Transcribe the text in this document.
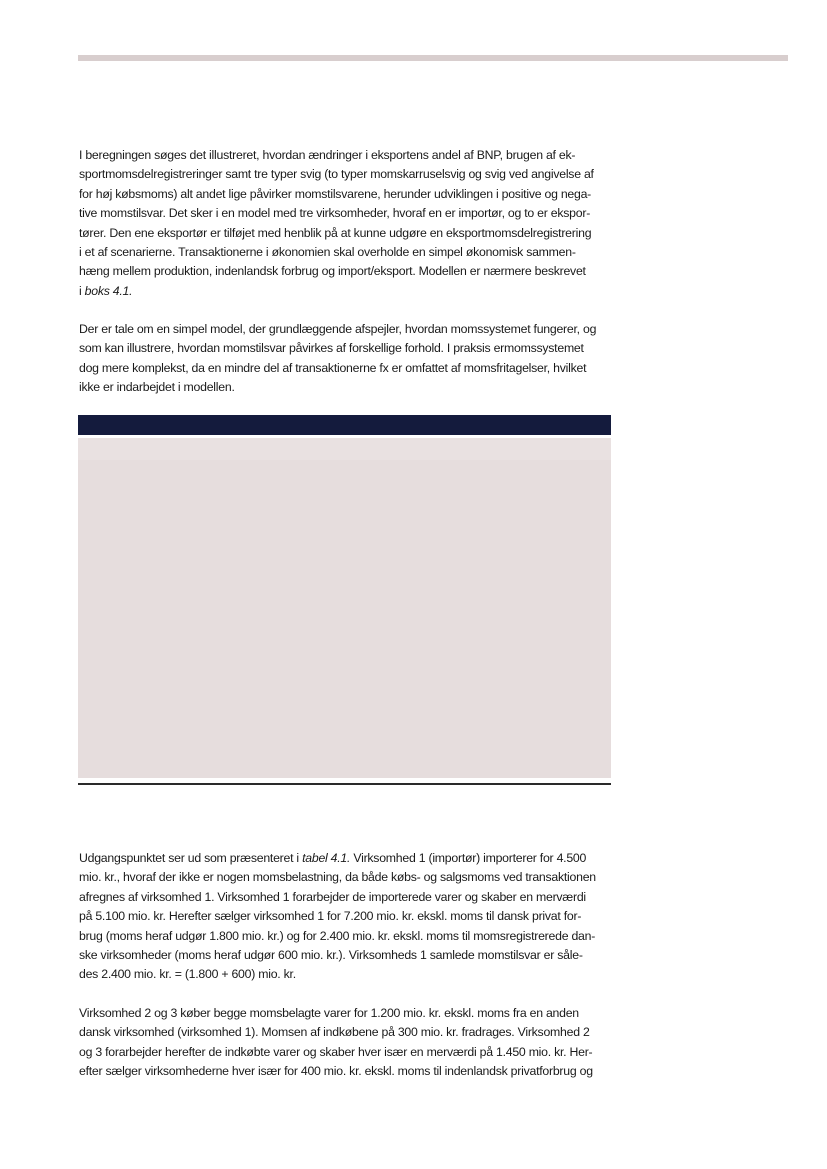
I beregningen søges det illustreret, hvordan ændringer i eksportens andel af BNP, brugen af ek-
sportmomsdelregistreringer samt tre typer svig (to typer momskarruselsvig og svig ved angivelse af
for høj købsmoms) alt andet lige påvirker momstilsvarene, herunder udviklingen i positive og nega-
tive momstilsvar. Det sker i en model med tre virksomheder, hvoraf en er importør, og to er ekspor-
tører. Den ene eksportør er tilføjet med henblik på at kunne udgøre en eksportmomsdelregistrering
i et af scenarierne. Transaktionerne i økonomien skal overholde en simpel økonomisk sammen-
hæng mellem produktion, indenlandsk forbrug og import/eksport. Modellen er nærmere beskrevet
i boks 4.1.
Der er tale om en simpel model, der grundlæggende afspejler, hvordan momssystemet fungerer, og
som kan illustrere, hvordan momstilsvar påvirkes af forskellige forhold. I praksis ermomssystemet
dog mere komplekst, da en mindre del af transaktionerne fx er omfattet af momsfritagelser, hvilket
ikke er indarbejdet i modellen.
Udgangspunktet ser ud som præsenteret i tabel 4.1. Virksomhed 1 (importør) importerer for 4.500
mio. kr., hvoraf der ikke er nogen momsbelastning, da både købs- og salgsmoms ved transaktionen
afregnes af virksomhed 1. Virksomhed 1 forarbejder de importerede varer og skaber en merværdi
på 5.100 mio. kr. Herefter sælger virksomhed 1 for 7.200 mio. kr. ekskl. moms til dansk privat for-
brug (moms heraf udgør 1.800 mio. kr.) og for 2.400 mio. kr. ekskl. moms til momsregistrerede dan-
ske virksomheder (moms heraf udgør 600 mio. kr.). Virksomheds 1 samlede momstilsvar er såle-
des 2.400 mio. kr. = (1.800 + 600) mio. kr.
Virksomhed 2 og 3 køber begge momsbelagte varer for 1.200 mio. kr. ekskl. moms fra en anden
dansk virksomhed (virksomhed 1). Momsen af indkøbene på 300 mio. kr. fradrages. Virksomhed 2
og 3 forarbejder herefter de indkøbte varer og skaber hver især en merværdi på 1.450 mio. kr. Her-
efter sælger virksomhederne hver især for 400 mio. kr. ekskl. moms til indenlandsk privatforbrug og
